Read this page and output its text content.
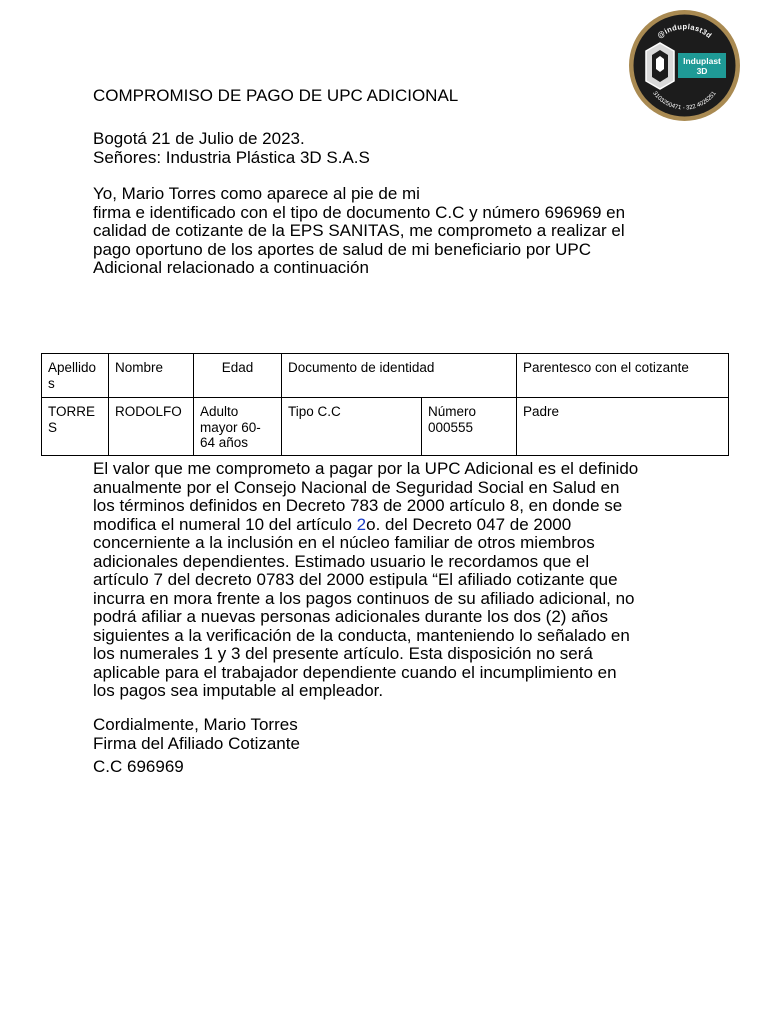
@induplast3d
3103250471 - 322 4026251
Induplast
3D
COMPROMISO DE PAGO DE UPC ADICIONAL
Bogotá 21 de Julio de 2023.
Señores: Industria Plástica 3D S.A.S
Yo, Mario Torres como aparece al pie de mi
firma e identificado con el tipo de documento C.C y número 696969 en
calidad de cotizante de la EPS SANITAS, me comprometo a realizar el
pago oportuno de los aportes de salud de mi beneficiario por UPC
Adicional relacionado a continuación
Apellidos	Nombre	Edad	Documento de identidad		Parentesco con el cotizante
TORRES	RODOLFO	Adulto mayor 60-64 años	Tipo C.C	Número 000555	Padre
El valor que me comprometo a pagar por la UPC Adicional es el definido
anualmente por el Consejo Nacional de Seguridad Social en Salud en
los términos definidos en Decreto 783 de 2000 artículo 8, en donde se
modifica el numeral 10 del artículo 2o. del Decreto 047 de 2000
concerniente a la inclusión en el núcleo familiar de otros miembros
adicionales dependientes. Estimado usuario le recordamos que el
artículo 7 del decreto 0783 del 2000 estipula “El afiliado cotizante que
incurra en mora frente a los pagos continuos de su afiliado adicional, no
podrá afiliar a nuevas personas adicionales durante los dos (2) años
siguientes a la verificación de la conducta, manteniendo lo señalado en
los numerales 1 y 3 del presente artículo. Esta disposición no será
aplicable para el trabajador dependiente cuando el incumplimiento en
los pagos sea imputable al empleador.
Cordialmente, Mario Torres
Firma del Afiliado Cotizante
C.C 696969
